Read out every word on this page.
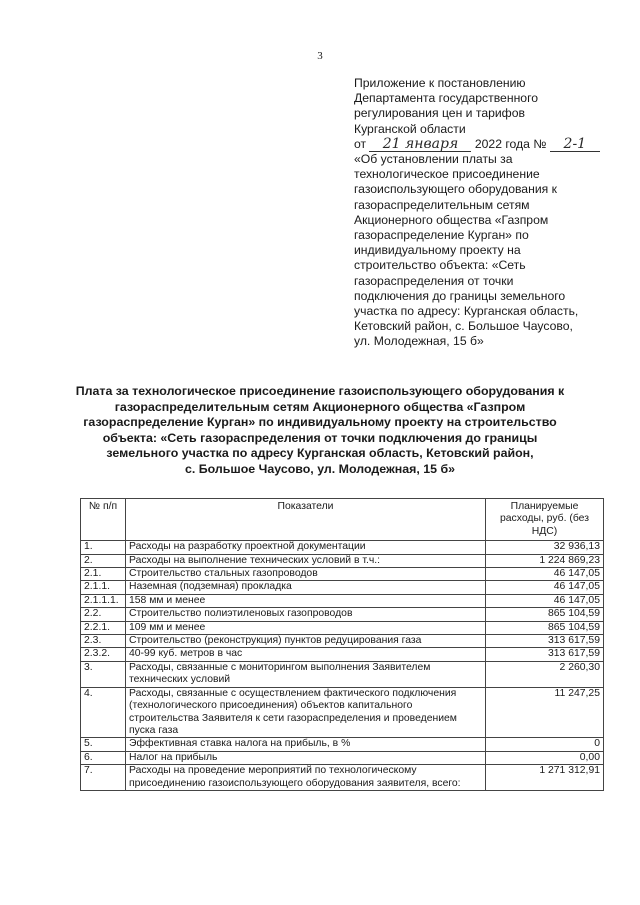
3
Приложение к постановлению
Департамента государственного
регулирования цен и тарифов
Курганской области
от 21 января 2022 года № 2-1
«Об установлении платы за
технологическое присоединение
газоиспользующего оборудования к
газораспределительным сетям
Акционерного общества «Газпром
газораспределение Курган» по
индивидуальному проекту на
строительство объекта: «Сеть
газораспределения от точки
подключения до границы земельного
участка по адресу: Курганская область,
Кетовский район, с. Большое Чаусово,
ул. Молодежная, 15 б»
Плата за технологическое присоединение газоиспользующего оборудования к
газораспределительным сетям Акционерного общества «Газпром
газораспределение Курган» по индивидуальному проекту на строительство
объекта: «Сеть газораспределения от точки подключения до границы
земельного участка по адресу Курганская область, Кетовский район,
с. Большое Чаусово, ул. Молодежная, 15 б»
№ п/п	Показатели	Планируемые расходы, руб. (без НДС)
1.	Расходы на разработку проектной документации	32 936,13
2.	Расходы на выполнение технических условий в т.ч.:	1 224 869,23
2.1.	Строительство стальных газопроводов	46 147,05
2.1.1.	Наземная (подземная) прокладка	46 147,05
2.1.1.1.	158 мм и менее	46 147,05
2.2.	Строительство полиэтиленовых газопроводов	865 104,59
2.2.1.	109 мм и менее	865 104,59
2.3.	Строительство (реконструкция) пунктов редуцирования газа	313 617,59
2.3.2.	40-99 куб. метров в час	313 617,59
3.	Расходы, связанные с мониторингом выполнения Заявителем технических условий	2 260,30
4.	Расходы, связанные с осуществлением фактического подключения (технологического присоединения) объектов капитального строительства Заявителя к сети газораспределения и проведением пуска газа	11 247,25
5.	Эффективная ставка налога на прибыль, в %	0
6.	Налог на прибыль	0,00
7.	Расходы на проведение мероприятий по технологическому присоединению газоиспользующего оборудования заявителя, всего:	1 271 312,91
